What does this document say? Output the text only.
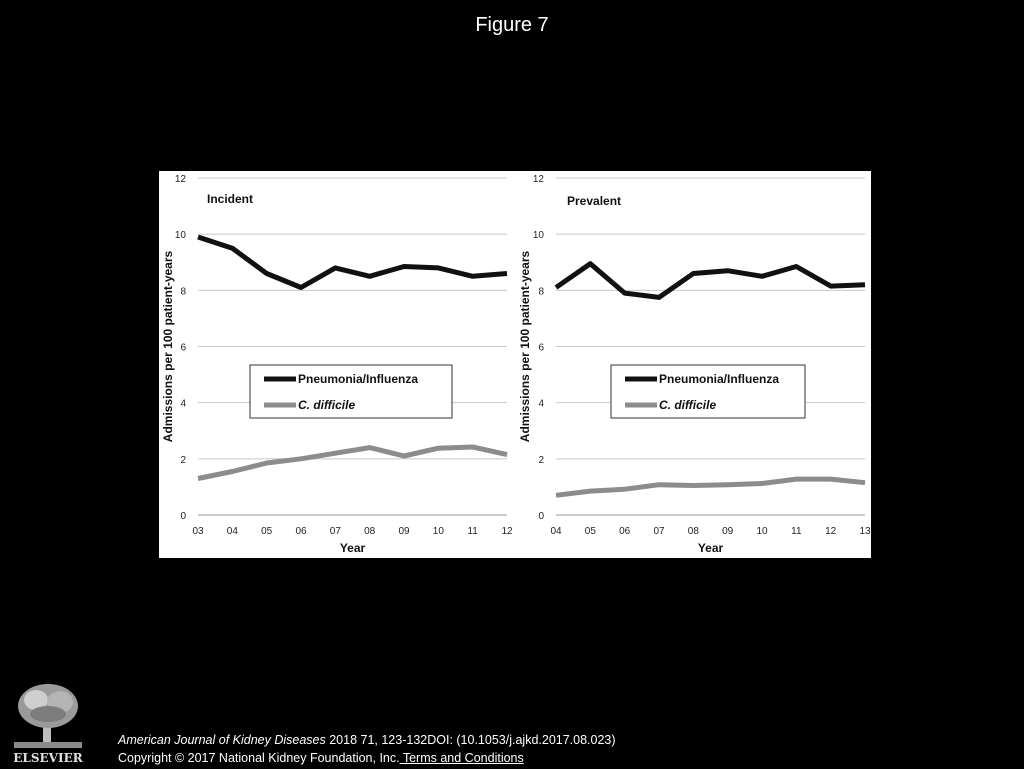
Figure 7
0
2
4
6
8
10
12
03 04 05 06 07 08 09 10 11 12
Year
Admissions per 100 patient-years
Incident
Pneumonia/Influenza
C. difficile
0
2
4
6
8
10
12
04 05 06 07 08 09 10 11 12 13
Year
Admissions per 100 patient-years
Prevalent
Pneumonia/Influenza
C. difficile
ELSEVIER
American Journal of Kidney Diseases 2018 71, 123-132DOI: (10.1053/j.ajkd.2017.08.023)
Copyright © 2017 National Kidney Foundation, Inc. Terms and Conditions
